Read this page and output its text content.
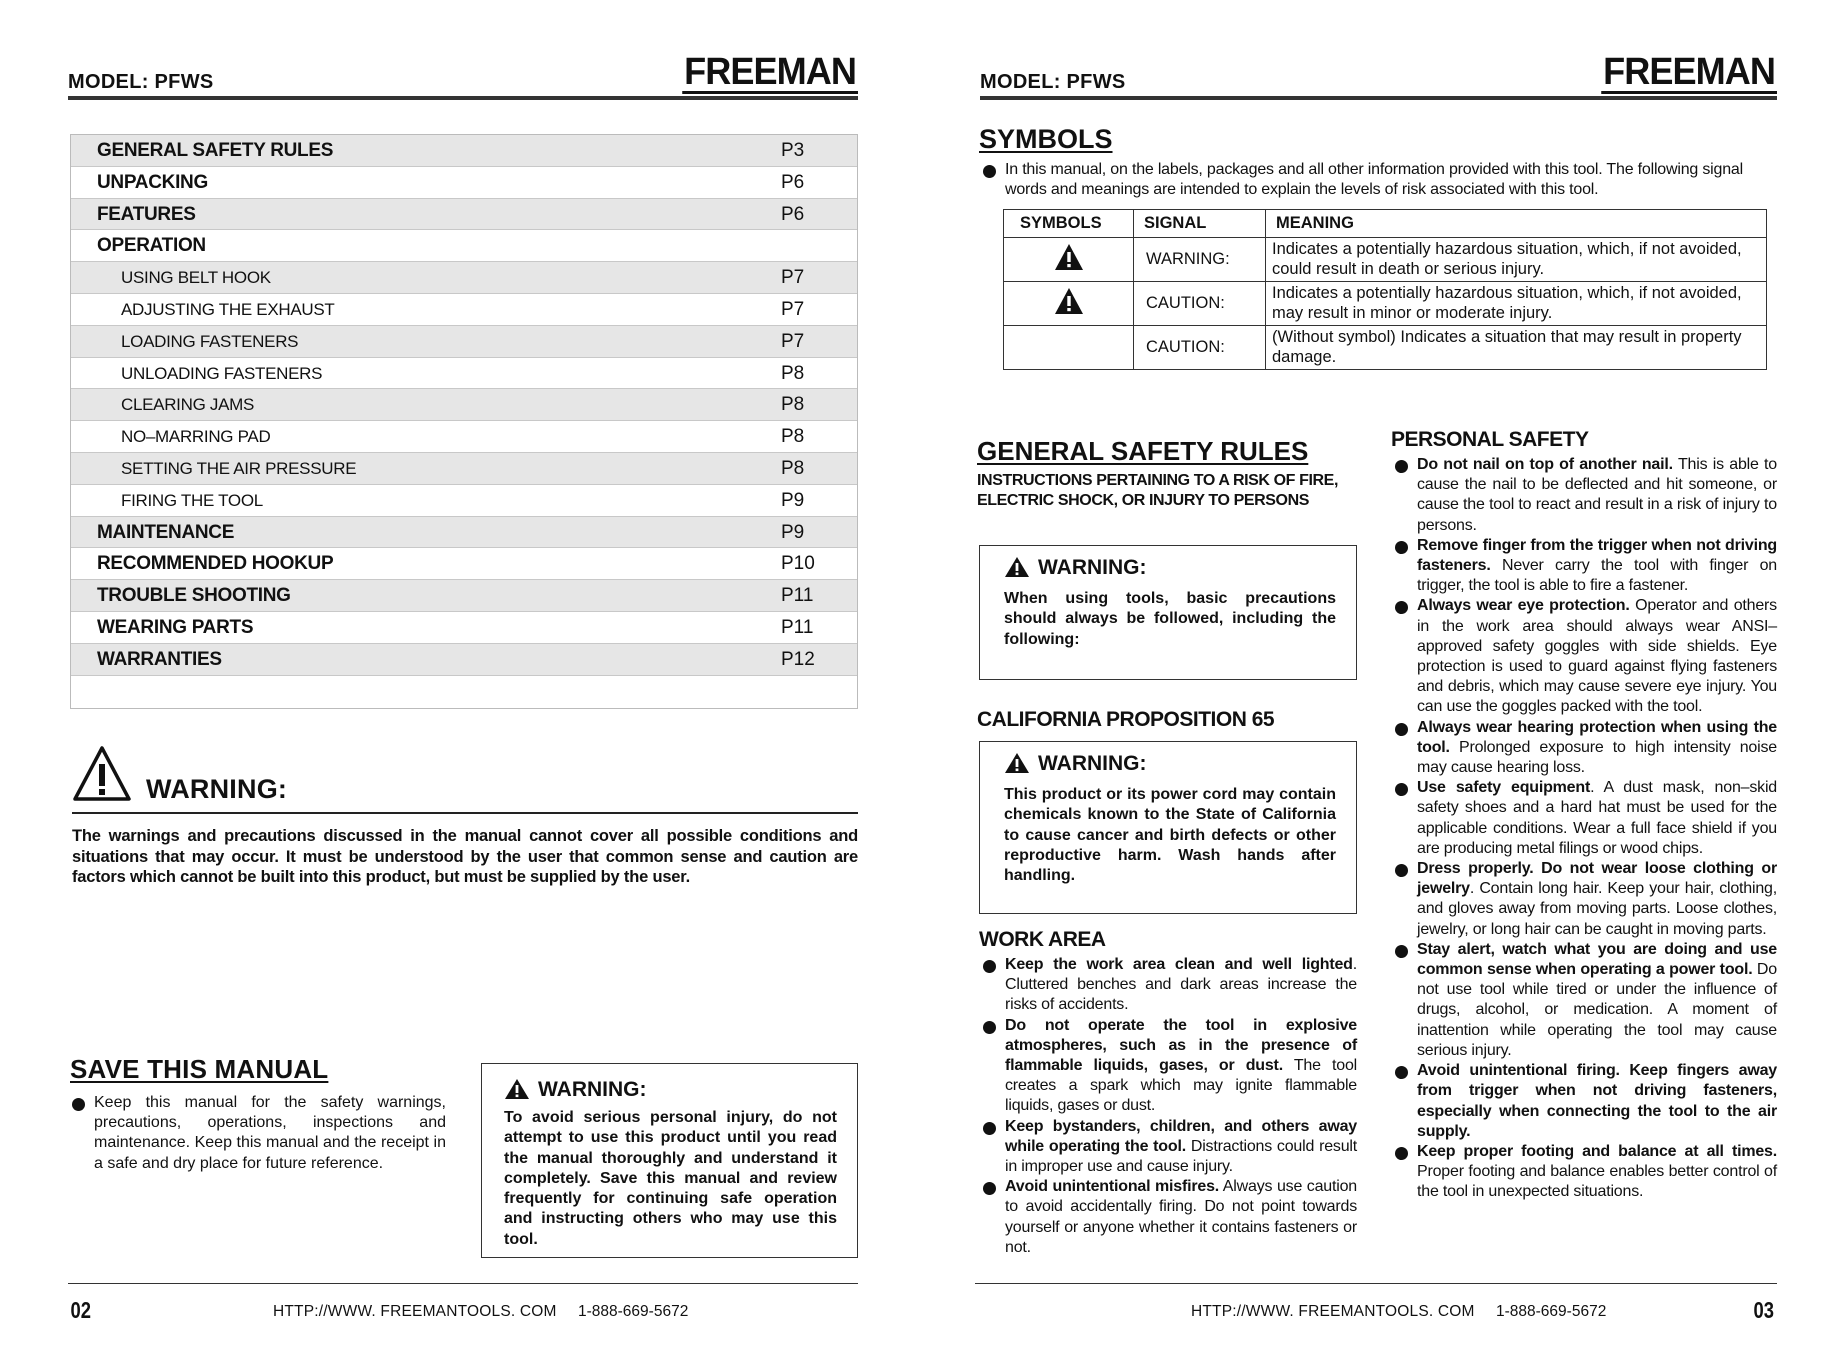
MODEL: PFWS	FREEMAN
GENERAL SAFETY RULES	P3
UNPACKING	P6
FEATURES	P6
OPERATION
USING BELT HOOK	P7
ADJUSTING THE EXHAUST	P7
LOADING FASTENERS	P7
UNLOADING FASTENERS	P8
CLEARING JAMS	P8
NO–MARRING PAD	P8
SETTING THE AIR PRESSURE	P8
FIRING THE TOOL	P9
MAINTENANCE	P9
RECOMMENDED HOOKUP	P10
TROUBLE SHOOTING	P11
WEARING PARTS	P11
WARRANTIES	P12
WARNING:
The warnings and precautions discussed in the manual cannot cover all possible conditions and situations that may occur. It must be understood by the user that common sense and caution are factors which cannot be built into this product, but must be supplied by the user.
SAVE THIS MANUAL
Keep this manual for the safety warnings, precautions, operations, inspections and maintenance. Keep this manual and the receipt in a safe and dry place for future reference.
WARNING:
To avoid serious personal injury, do not attempt to use this product until you read the manual thoroughly and understand it completely. Save this manual and review frequently for continuing safe operation and instructing others who may use this tool.
02	HTTP://WWW. FREEMANTOOLS. COM 1-888-669-5672
MODEL: PFWS	FREEMAN
SYMBOLS
In this manual, on the labels, packages and all other information provided with this tool. The following signal words and meanings are intended to explain the levels of risk associated with this tool.
SYMBOLS	SIGNAL	MEANING
	WARNING:	Indicates a potentially hazardous situation, which, if not avoided, could result in death or serious injury.
	CAUTION:	Indicates a potentially hazardous situation, which, if not avoided, may result in minor or moderate injury.
	CAUTION:	(Without symbol) Indicates a situation that may result in property damage.
GENERAL SAFETY RULES
INSTRUCTIONS PERTAINING TO A RISK OF FIRE, ELECTRIC SHOCK, OR INJURY TO PERSONS
WARNING:
When using tools, basic precautions should always be followed, including the following:
CALIFORNIA PROPOSITION 65
WARNING:
This product or its power cord may contain chemicals known to the State of California to cause cancer and birth defects or other reproductive harm. Wash hands after handling.
WORK AREA
Keep the work area clean and well lighted. Cluttered benches and dark areas increase the risks of accidents.
Do not operate the tool in explosive atmospheres, such as in the presence of flammable liquids, gases, or dust. The tool creates a spark which may ignite flammable liquids, gases or dust.
Keep bystanders, children, and others away while operating the tool. Distractions could result in improper use and cause injury.
Avoid unintentional misfires. Always use caution to avoid accidentally firing. Do not point towards yourself or anyone whether it contains fasteners or not.
PERSONAL SAFETY
Do not nail on top of another nail. This is able to cause the nail to be deflected and hit someone, or cause the tool to react and result in a risk of injury to persons.
Remove finger from the trigger when not driving fasteners. Never carry the tool with finger on trigger, the tool is able to fire a fastener.
Always wear eye protection. Operator and others in the work area should always wear ANSI–approved safety goggles with side shields. Eye protection is used to guard against flying fasteners and debris, which may cause severe eye injury. You can use the goggles packed with the tool.
Always wear hearing protection when using the tool. Prolonged exposure to high intensity noise may cause hearing loss.
Use safety equipment. A dust mask, non–skid safety shoes and a hard hat must be used for the applicable conditions. Wear a full face shield if you are producing metal filings or wood chips.
Dress properly. Do not wear loose clothing or jewelry. Contain long hair. Keep your hair, clothing, and gloves away from moving parts. Loose clothes, jewelry, or long hair can be caught in moving parts.
Stay alert, watch what you are doing and use common sense when operating a power tool. Do not use tool while tired or under the influence of drugs, alcohol, or medication. A moment of inattention while operating the tool may cause serious injury.
Avoid unintentional firing. Keep fingers away from trigger when not driving fasteners, especially when connecting the tool to the air supply.
Keep proper footing and balance at all times. Proper footing and balance enables better control of the tool in unexpected situations.
HTTP://WWW. FREEMANTOOLS. COM 1-888-669-5672	03
